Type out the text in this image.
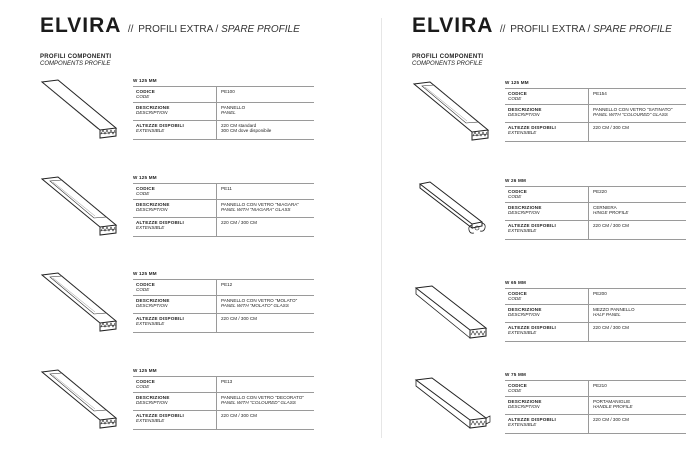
ELVIRA // PROFILI EXTRA / SPARE PROFILE
PROFILI COMPONENTI
COMPONENTS PROFILE
W 125 MM
CODICE
CODE
PE100
DESCRIZIONE
DESCRIPTION
PANNELLO
PANEL
ALTEZZE DISPOBILI
EXTENSIBLE
220 CM standard
300 CM dove disponibile
W 125 MM
CODICE
CODE
PE11
DESCRIZIONE
DESCRIPTION
PANNELLO CON VETRO "NIAGARA"
PANEL WITH "NIAGARA" GLASS
ALTEZZE DISPOBILI
EXTENSIBLE
220 CM / 300 CM
W 125 MM
CODICE
CODE
PE12
DESCRIZIONE
DESCRIPTION
PANNELLO CON VETRO "MOLATO"
PANEL WITH "MOLATO" GLASS
ALTEZZE DISPOBILI
EXTENSIBLE
220 CM / 300 CM
W 125 MM
CODICE
CODE
PE13
DESCRIZIONE
DESCRIPTION
PANNELLO CON VETRO "DECORATO"
PANEL WITH "COLOURED" GLASS
ALTEZZE DISPOBILI
EXTENSIBLE
220 CM / 300 CM
ELVIRA // PROFILI EXTRA / SPARE PROFILE
PROFILI COMPONENTI
COMPONENTS PROFILE
W 125 MM
CODICE
CODE
PE154
DESCRIZIONE
DESCRIPTION
PANNELLO CON VETRO "SATINATO"
PANEL WITH "COLOURED" GLASS
ALTEZZE DISPOBILI
EXTENSIBLE
220 CM / 300 CM
W 26 MM
CODICE
CODE
PE220
DESCRIZIONE
DESCRIPTION
CERNIERA
HINGE PROFILE
ALTEZZE DISPOBILI
EXTENSIBLE
220 CM / 300 CM
W 65 MM
CODICE
CODE
PE200
DESCRIZIONE
DESCRIPTION
MEZZO PANNELLO
HALF PANEL
ALTEZZE DISPOBILI
EXTENSIBLE
220 CM / 300 CM
W 75 MM
CODICE
CODE
PE210
DESCRIZIONE
DESCRIPTION
PORTAMANIGLIE
HANDLE PROFILE
ALTEZZE DISPOBILI
EXTENSIBLE
220 CM / 300 CM
